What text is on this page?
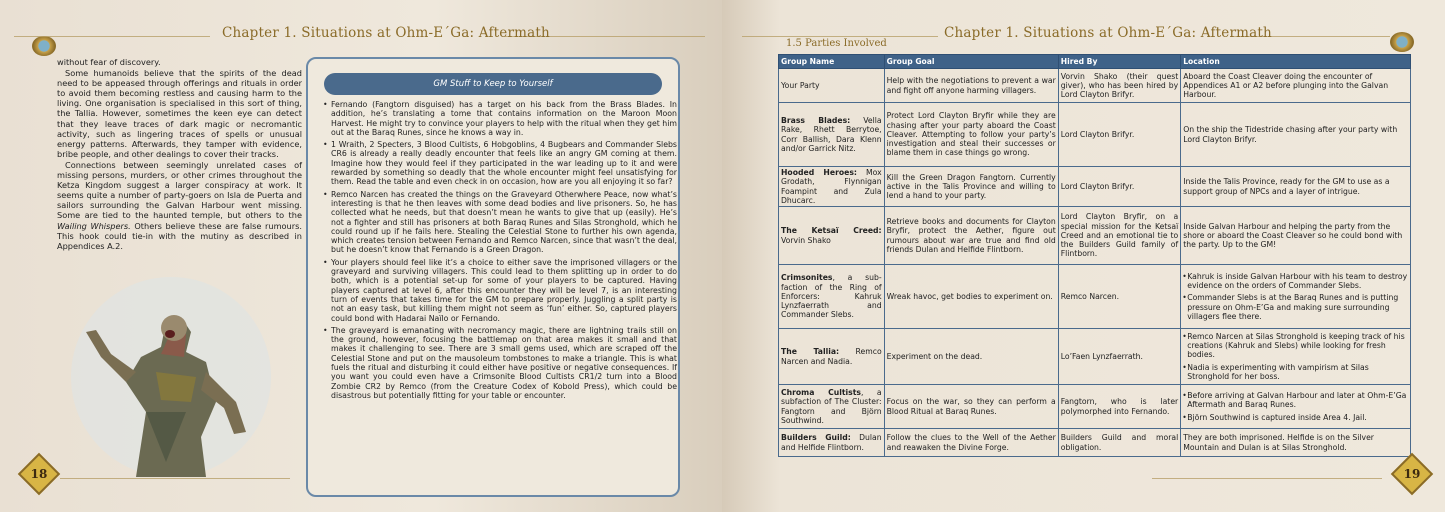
Chapter 1. Situations at Ohm-E´Ga: Aftermath

without fear of discovery.

Some humanoids believe that the spirits of the dead need to be appeased through offerings and rituals in order to avoid them becoming restless and causing harm to the living. One organisation is specialised in this sort of thing, the Tallia. However, sometimes the keen eye can detect that they leave traces of dark magic or necromantic activity, such as lingering traces of spells or unusual energy patterns. Afterwards, they tamper with evidence, bribe people, and other dealings to cover their tracks.

Connections between seemingly unrelated cases of missing persons, murders, or other crimes throughout the Ketza Kingdom suggest a larger conspiracy at work. It seems quite a number of party-goers on Isla de Puerta and sailors surrounding the Galvan Harbour went missing. Some are tied to the haunted temple, but others to the Wailing Whispers. Others believe these are false rumours. This hook could tie-in with the mutiny as described in Appendices A.2.

18
GM Stuff to Keep to Yourself
• Fernando (Fangtorn disguised) has a target on his back from the Brass Blades. In addition, he’s translating a tome that contains information on the Maroon Moon Harvest. He might try to convince your players to help with the ritual when they get him out at the Baraq Runes, since he knows a way in.
• 1 Wraith, 2 Specters, 3 Blood Cultists, 6 Hobgoblins, 4 Bugbears and Commander Slebs CR6 is already a really deadly encounter that feels like an angry GM coming at them. Imagine how they would feel if they participated in the war leading up to it and were rewarded by something so deadly that the whole encounter might feel unsatisfying for them. Read the table and even check in on occasion, how are you all enjoying it so far?
• Remco Narcen has created the things on the Graveyard Otherwhere Peace, now what’s interesting is that he then leaves with some dead bodies and live prisoners. So, he has collected what he needs, but that doesn’t mean he wants to give that up (easily). He’s not a fighter and still has prisoners at both Baraq Runes and Silas Stronghold, which he could round up if he fails here. Stealing the Celestial Stone to further his own agenda, which creates tension between Fernando and Remco Narcen, since that wasn’t the deal, but he doesn’t know that Fernando is a Green Dragon.
• Your players should feel like it’s a choice to either save the imprisoned villagers or the graveyard and surviving villagers. This could lead to them splitting up in order to do both, which is a potential set-up for some of your players to be captured. Having players captured at level 6, after this encounter they will be level 7, is an interesting turn of events that takes time for the GM to prepare properly. Juggling a split party is not an easy task, but killing them might not seem as ‘fun’ either. So, captured players could bond with Hadarai Naïlo or Fernando.
• The graveyard is emanating with necromancy magic, there are lightning trails still on the ground, however, focusing the battlemap on that area makes it small and that makes it challenging to see. There are 3 small gems used, which are scraped off the Celestial Stone and put on the mausoleum tombstones to make a triangle. This is what fuels the ritual and disturbing it could either have positive or negative consequences. If you want you could even have a Crimsonite Blood Cultists CR1/2 turn into a Blood Zombie CR2 by Remco (from the Creature Codex of Kobold Press), which could be disastrous but potentially fitting for your table or encounter.
Chapter 1. Situations at Ohm-E´Ga: Aftermath
1.5 Parties Involved
Group Name	Group Goal	Hired By	Location
Your Party	Help with the negotiations to prevent a war and fight off anyone harming villagers.	Vorvin Shako (their quest giver), who has been hired by Lord Clayton Brifyr.	Aboard the Coast Cleaver doing the encounter of Appendices A1 or A2 before plunging into the Galvan Harbour.

Brass Blades: Vella Rake, Rhett Berrytoe, Corr Ballish, Dara Klenn and/or Garrick Nitz.	Protect Lord Clayton Bryfir while they are chasing after your party aboard the Coast Cleaver. Attempting to follow your party’s investigation and steal their successes or blame them in case things go wrong.	Lord Clayton Brifyr.	On the ship the Tidestride chasing after your party with Lord Clayton Brifyr.

Hooded Heroes: Mox Grodath, Flynnigan Foampint and Zula Dhucarc.	Kill the Green Dragon Fangtorn. Currently active in the Talis Province and willing to lend a hand to your party.	Lord Clayton Brifyr.	Inside the Talis Province, ready for the GM to use as a support group of NPCs and a layer of intrigue.

The Ketsaï Creed: Vorvin Shako	Retrieve books and documents for Clayton Bryfir, protect the Aether, figure out rumours about war are true and find old friends Dulan and Helfide Flintborn.	Lord Clayton Bryfir, on a special mission for the Ketsaï Creed and an emotional tie to the Builders Guild family of Flintborn.	Inside Galvan Harbour and helping the party from the shore or aboard the Coast Cleaver so he could bond with the party. Up to the GM!

Crimsonites, a sub-faction of the Ring of Enforcers: Kahruk Lynzfaerrath and Commander Slebs.	Wreak havoc, get bodies to experiment on.	Remco Narcen.	• Kahruk is inside Galvan Harbour with his team to destroy evidence on the orders of Commander Slebs.
• Commander Slebs is at the Baraq Runes and is putting pressure on Ohm-E’Ga and making sure surrounding villagers flee there.

The Tallia: Remco Narcen and Nadia.	Experiment on the dead.	Lo’Faen Lynzfaerrath.	• Remco Narcen at Silas Stronghold is keeping track of his creations (Kahruk and Slebs) while looking for fresh bodies.
• Nadia is experimenting with vampirism at Silas Stronghold for her boss.

Chroma Cultists, a subfaction of The Cluster: Fangtorn and Björn Southwind.	Focus on the war, so they can perform a Blood Ritual at Baraq Runes.	Fangtorn, who is later polymorphed into Fernando.	• Before arriving at Galvan Harbour and later at Ohm-E’Ga Aftermath and Baraq Runes.
• Björn Southwind is captured inside Area 4. Jail.

Builders Guild: Dulan and Helfide Flintborn.	Follow the clues to the Well of the Aether and reawaken the Divine Forge.	Builders Guild and moral obligation.	They are both imprisoned. Helfide is on the Silver Mountain and Dulan is at Silas Stronghold.
19
